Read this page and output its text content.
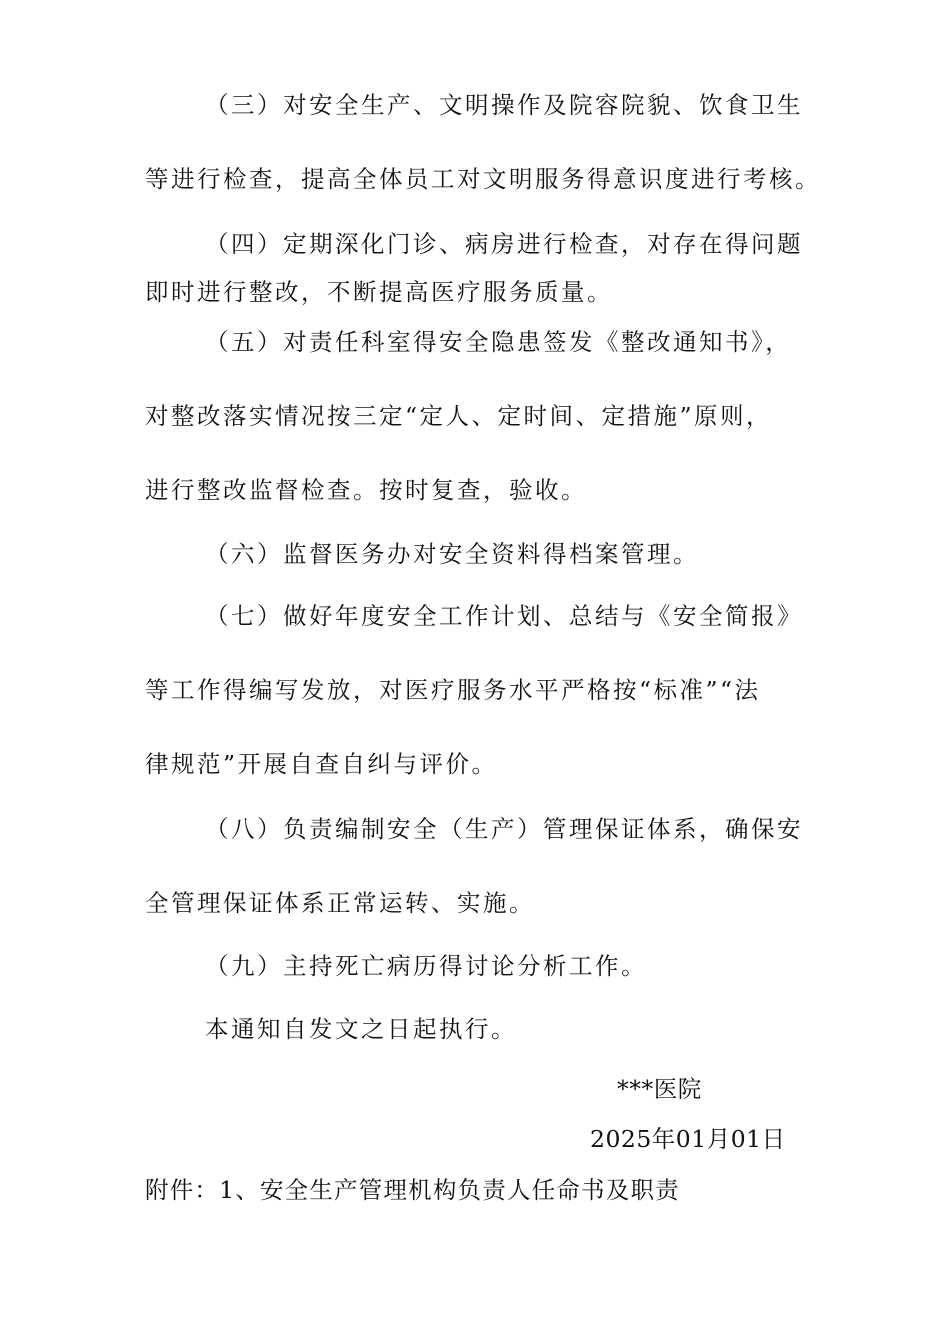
（三）对安全生产、文明操作及院容院貌、饮食卫生
等进行检查，提高全体员工对文明服务得意识度进行考核。
（四）定期深化门诊、病房进行检查，对存在得问题
即时进行整改，不断提高医疗服务质量。
（五）对责任科室得安全隐患签发《整改通知书》，
对整改落实情况按三定“定人、定时间、定措施”原则，
进行整改监督检查。按时复查，验收。
（六）监督医务办对安全资料得档案管理。
（七）做好年度安全工作计划、总结与《安全简报》
等工作得编写发放，对医疗服务水平严格按“标准”“法
律规范”开展自查自纠与评价。
（八）负责编制安全（生产）管理保证体系，确保安
全管理保证体系正常运转、实施。
（九）主持死亡病历得讨论分析工作。
本通知自发文之日起执行。
***医院
2025年01月01日
附件：1、安全生产管理机构负责人任命书及职责
